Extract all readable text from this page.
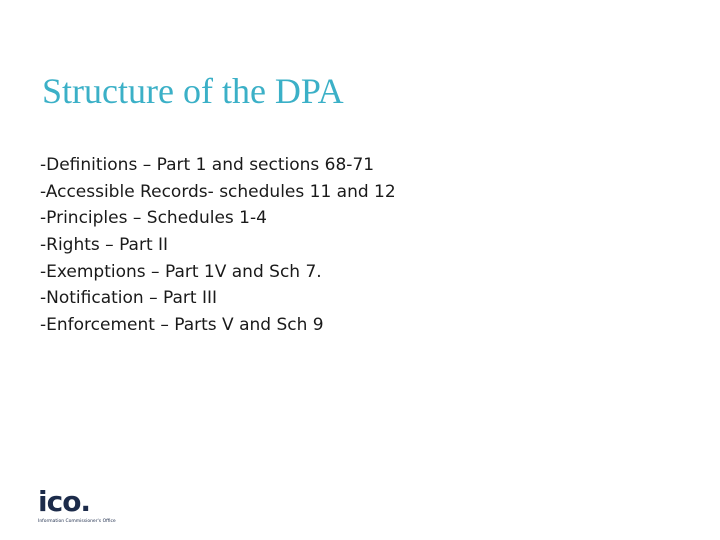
Structure of the DPA
-Definitions – Part 1 and sections 68-71
-Accessible Records- schedules 11 and 12
-Principles – Schedules 1-4
-Rights – Part II
-Exemptions – Part 1V and Sch 7.
-Notification – Part III
-Enforcement – Parts V and Sch 9
ico.
Information Commissioner's Office
